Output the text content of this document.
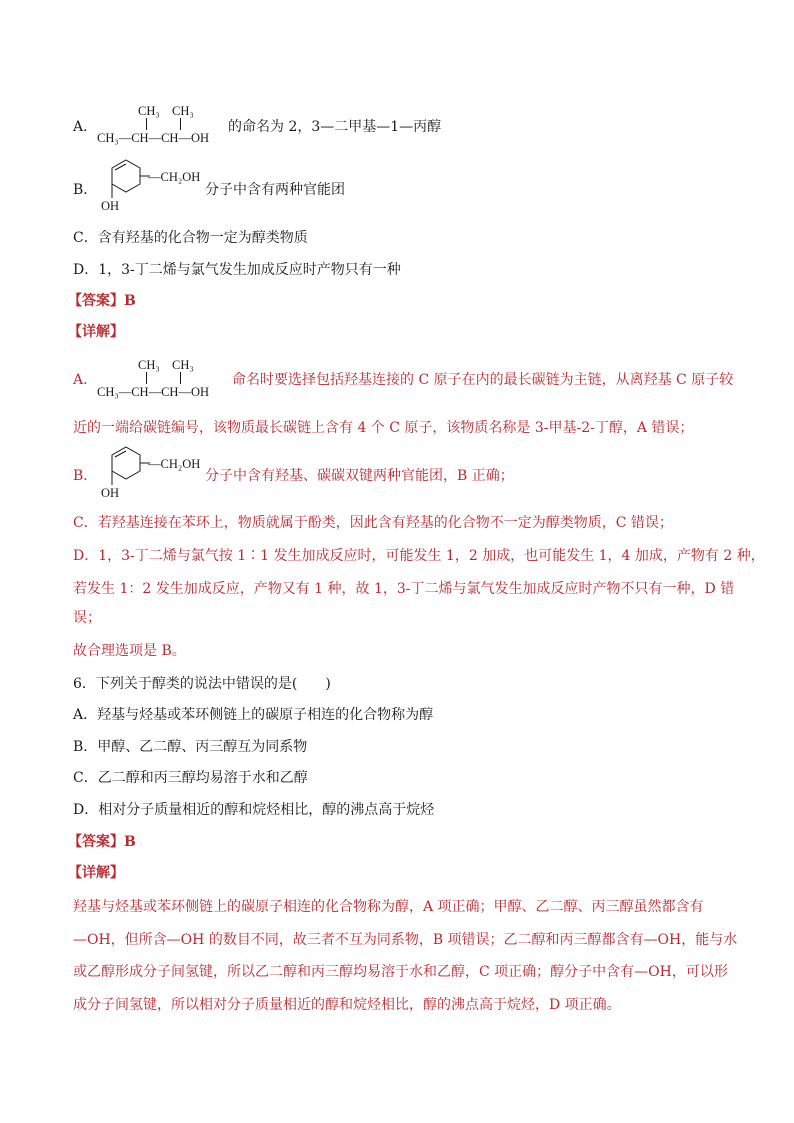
A．
CH₃ CH₃
CH₃—CH—CH—OH
的命名为 2，3—二甲基—1—丙醇
B．
—CH₂OH
OH
分子中含有两种官能团
C．含有羟基的化合物一定为醇类物质
D．1，3-丁二烯与氯气发生加成反应时产物只有一种
【答案】B
【详解】
A．
CH₃ CH₃
CH₃—CH—CH—OH
命名时要选择包括羟基连接的 C 原子在内的最长碳链为主链，从离羟基 C 原子较
近的一端给碳链编号，该物质最长碳链上含有 4 个 C 原子，该物质名称是 3-甲基-2-丁醇，A 错误；
B．
—CH₂OH
OH
分子中含有羟基、碳碳双键两种官能团，B 正确；
C．若羟基连接在苯环上，物质就属于酚类，因此含有羟基的化合物不一定为醇类物质，C 错误；
D．1，3-丁二烯与氯气按 1∶1 发生加成反应时，可能发生 1，2 加成，也可能发生 1，4 加成，产物有 2 种，
若发生 1：2 发生加成反应，产物又有 1 种，故 1，3-丁二烯与氯气发生加成反应时产物不只有一种，D 错
误；
故合理选项是 B。
6．下列关于醇类的说法中错误的是(　　)
A．羟基与烃基或苯环侧链上的碳原子相连的化合物称为醇
B．甲醇、乙二醇、丙三醇互为同系物
C．乙二醇和丙三醇均易溶于水和乙醇
D．相对分子质量相近的醇和烷烃相比，醇的沸点高于烷烃
【答案】B
【详解】
羟基与烃基或苯环侧链上的碳原子相连的化合物称为醇，A 项正确；甲醇、乙二醇、丙三醇虽然都含有
—OH，但所含—OH 的数目不同，故三者不互为同系物，B 项错误；乙二醇和丙三醇都含有—OH，能与水
或乙醇形成分子间氢键，所以乙二醇和丙三醇均易溶于水和乙醇，C 项正确；醇分子中含有—OH，可以形
成分子间氢键，所以相对分子质量相近的醇和烷烃相比，醇的沸点高于烷烃，D 项正确。
